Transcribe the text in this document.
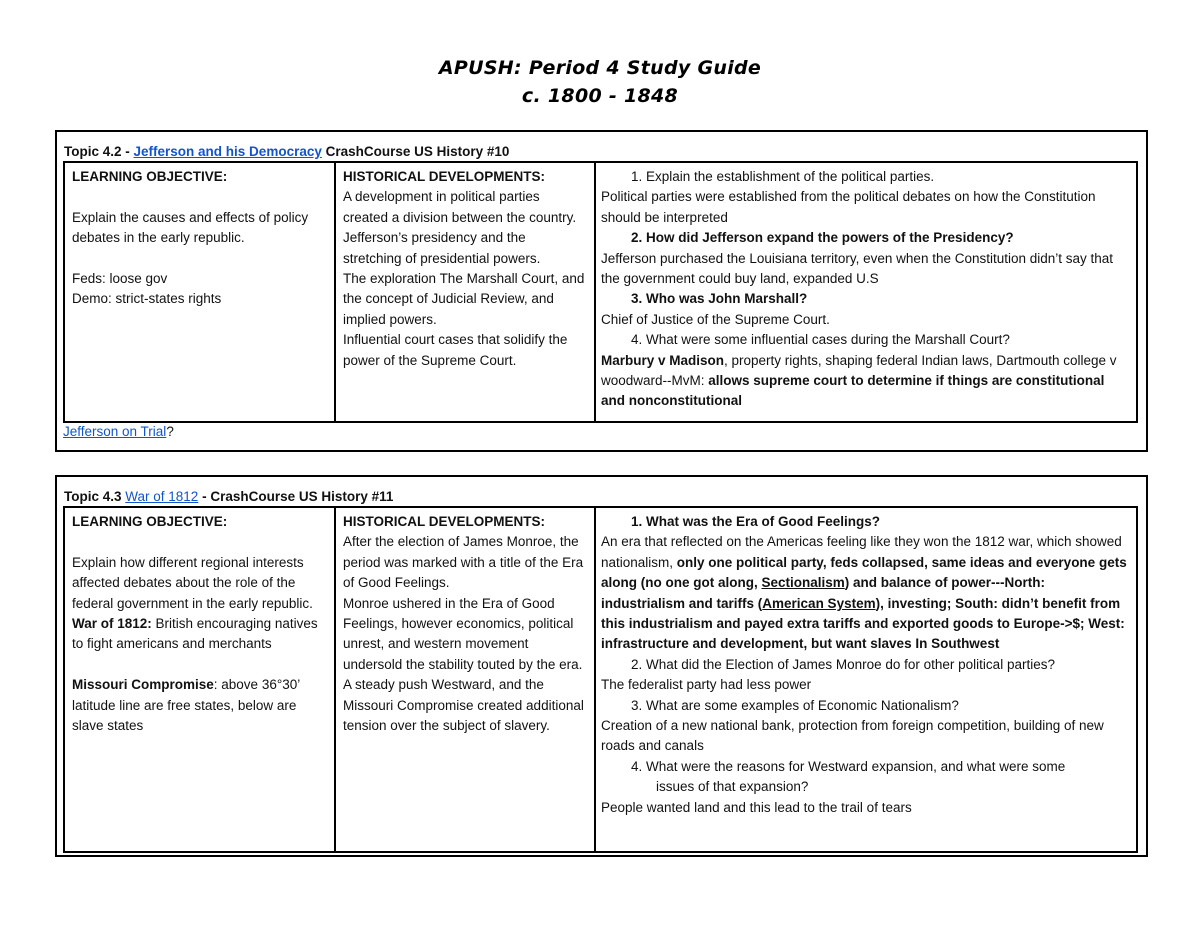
APUSH: Period 4 Study Guide
c. 1800 - 1848
Topic 4.2 - Jefferson and his Democracy CrashCourse US History #10
LEARNING OBJECTIVE:
Explain the causes and effects of policy debates in the early republic.
Feds: loose gov
Demo: strict-states rights
HISTORICAL DEVELOPMENTS:
A development in political parties created a division between the country.
Jefferson’s presidency and the stretching of presidential powers.
The exploration The Marshall Court, and the concept of Judicial Review, and implied powers.
Influential court cases that solidify the power of the Supreme Court.
1. Explain the establishment of the political parties.
Political parties were established from the political debates on how the Constitution should be interpreted
2. How did Jefferson expand the powers of the Presidency?
Jefferson purchased the Louisiana territory, even when the Constitution didn’t say that the government could buy land, expanded U.S
3. Who was John Marshall?
Chief of Justice of the Supreme Court.
4. What were some influential cases during the Marshall Court?
Marbury v Madison, property rights, shaping federal Indian laws, Dartmouth college v woodward--MvM: allows supreme court to determine if things are constitutional and nonconstitutional
Jefferson on Trial?
Topic 4.3 War of 1812 - CrashCourse US History #11
LEARNING OBJECTIVE:
Explain how different regional interests affected debates about the role of the federal government in the early republic.
War of 1812: British encouraging natives to fight americans and merchants
Missouri Compromise: above 36°30’ latitude line are free states, below are slave states
HISTORICAL DEVELOPMENTS:
After the election of James Monroe, the period was marked with a title of the Era of Good Feelings.
Monroe ushered in the Era of Good Feelings, however economics, political unrest, and western movement undersold the stability touted by the era.
A steady push Westward, and the Missouri Compromise created additional tension over the subject of slavery.
1. What was the Era of Good Feelings?
An era that reflected on the Americas feeling like they won the 1812 war, which showed nationalism, only one political party, feds collapsed, same ideas and everyone gets along (no one got along, Sectionalism) and balance of power---North: industrialism and tariffs (American System), investing; South: didn’t benefit from this industrialism and payed extra tariffs and exported goods to Europe->$; West: infrastructure and development, but want slaves In Southwest
2. What did the Election of James Monroe do for other political parties?
The federalist party had less power
3. What are some examples of Economic Nationalism?
Creation of a new national bank, protection from foreign competition, building of new roads and canals
4. What were the reasons for Westward expansion, and what were some
issues of that expansion?
People wanted land and this lead to the trail of tears
